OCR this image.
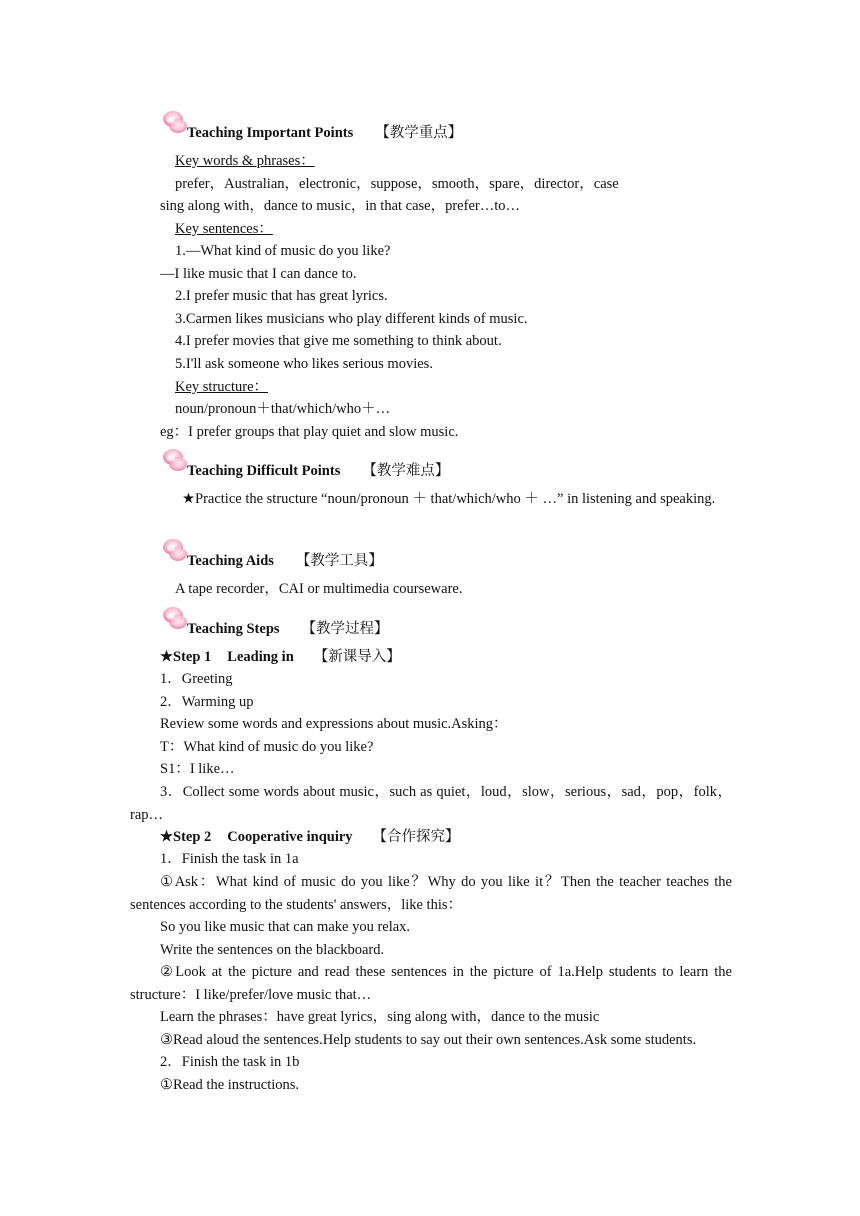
Teaching Important Points 【教学重点】
Key words & phrases：
prefer，Australian，electronic，suppose，smooth，spare，director，case
sing along with，dance to music，in that case，prefer…to…
Key sentences：
1.—What kind of music do you like?
—I like music that I can dance to.
2.I prefer music that has great lyrics.
3.Carmen likes musicians who play different kinds of music.
4.I prefer movies that give me something to think about.
5.I'll ask someone who likes serious movies.
Key structure：
noun/pronoun＋that/which/who＋…
eg：I prefer groups that play quiet and slow music.
Teaching Difficult Points 【教学难点】
★Practice the structure “noun/pronoun ＋ that/which/who ＋ …” in listening and speaking.
Teaching Aids 【教学工具】
A tape recorder，CAI or multimedia courseware.
Teaching Steps 【教学过程】
★Step 1 Leading in 【新课导入】
1．Greeting
2．Warming up
Review some words and expressions about music.Asking：
T：What kind of music do you like?
S1：I like…
3．Collect some words about music，such as quiet，loud，slow，serious，sad，pop，folk，rap…
★Step 2 Cooperative inquiry 【合作探究】
1．Finish the task in 1a
①Ask：What kind of music do you like？Why do you like it？Then the teacher teaches the sentences according to the students' answers，like this：
So you like music that can make you relax.
Write the sentences on the blackboard.
②Look at the picture and read these sentences in the picture of 1a.Help students to learn the structure：I like/prefer/love music that…
Learn the phrases：have great lyrics，sing along with，dance to the music
③Read aloud the sentences.Help students to say out their own sentences.Ask some students.
2．Finish the task in 1b
①Read the instructions.
